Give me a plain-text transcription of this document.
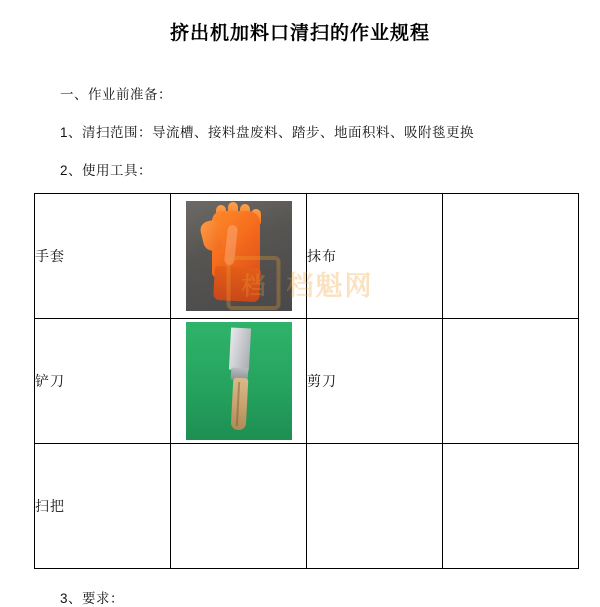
挤出机加料口清扫的作业规程
一、作业前准备：
1、清扫范围：导流槽、接料盘废料、踏步、地面积料、吸附毯更换
2、使用工具：
手套		抹布	
铲刀		剪刀	
扫把			
3、要求：
档 档魁网
